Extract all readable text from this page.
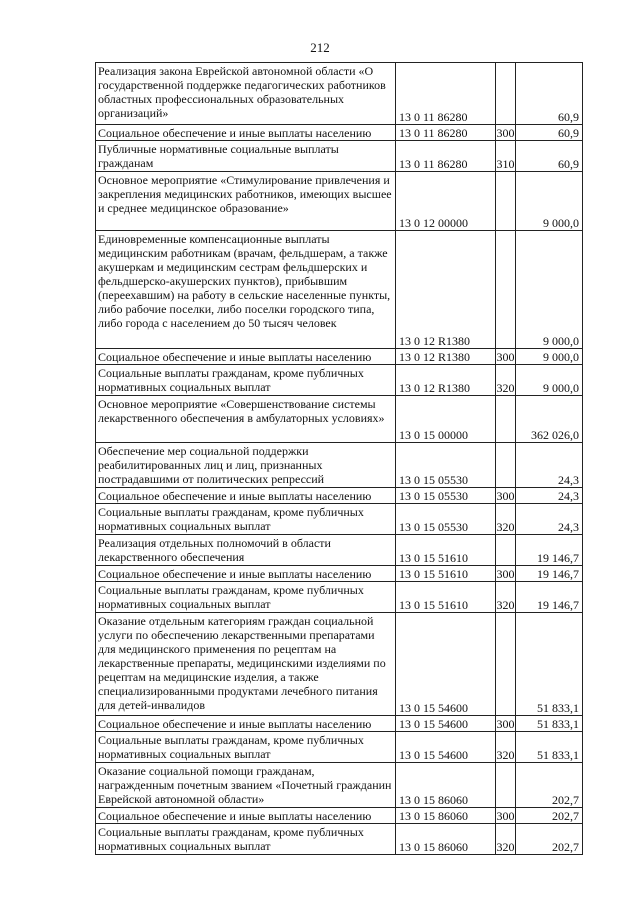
212
Реализация закона Еврейской автономной области «О государственной поддержке педагогических работников областных профессиональных образовательных организаций»	13 0 11 86280		60,9
Социальное обеспечение и иные выплаты населению	13 0 11 86280	300	60,9
Публичные нормативные социальные выплаты гражданам	13 0 11 86280	310	60,9
Основное мероприятие «Стимулирование привлечения и закрепления медицинских работников, имеющих высшее и среднее медицинское образование»	13 0 12 00000		9 000,0
Единовременные компенсационные выплаты медицинским работникам (врачам, фельдшерам, а также акушеркам и медицинским сестрам фельдшерских и фельдшерско-акушерских пунктов), прибывшим (переехавшим) на работу в сельские населенные пункты, либо рабочие поселки, либо поселки городского типа, либо города с населением до 50 тысяч человек	13 0 12 R1380		9 000,0
Социальное обеспечение и иные выплаты населению	13 0 12 R1380	300	9 000,0
Социальные выплаты гражданам, кроме публичных нормативных социальных выплат	13 0 12 R1380	320	9 000,0
Основное мероприятие «Совершенствование системы лекарственного обеспечения в амбулаторных условиях»	13 0 15 00000		362 026,0
Обеспечение мер социальной поддержки реабилитированных лиц и лиц, признанных пострадавшими от политических репрессий	13 0 15 05530		24,3
Социальное обеспечение и иные выплаты населению	13 0 15 05530	300	24,3
Социальные выплаты гражданам, кроме публичных нормативных социальных выплат	13 0 15 05530	320	24,3
Реализация отдельных полномочий в области лекарственного обеспечения	13 0 15 51610		19 146,7
Социальное обеспечение и иные выплаты населению	13 0 15 51610	300	19 146,7
Социальные выплаты гражданам, кроме публичных нормативных социальных выплат	13 0 15 51610	320	19 146,7
Оказание отдельным категориям граждан социальной услуги по обеспечению лекарственными препаратами для медицинского применения по рецептам на лекарственные препараты, медицинскими изделиями по рецептам на медицинские изделия, а также специализированными продуктами лечебного питания для детей-инвалидов	13 0 15 54600		51 833,1
Социальное обеспечение и иные выплаты населению	13 0 15 54600	300	51 833,1
Социальные выплаты гражданам, кроме публичных нормативных социальных выплат	13 0 15 54600	320	51 833,1
Оказание социальной помощи гражданам, награжденным почетным званием «Почетный гражданин Еврейской автономной области»	13 0 15 86060		202,7
Социальное обеспечение и иные выплаты населению	13 0 15 86060	300	202,7
Социальные выплаты гражданам, кроме публичных нормативных социальных выплат	13 0 15 86060	320	202,7
